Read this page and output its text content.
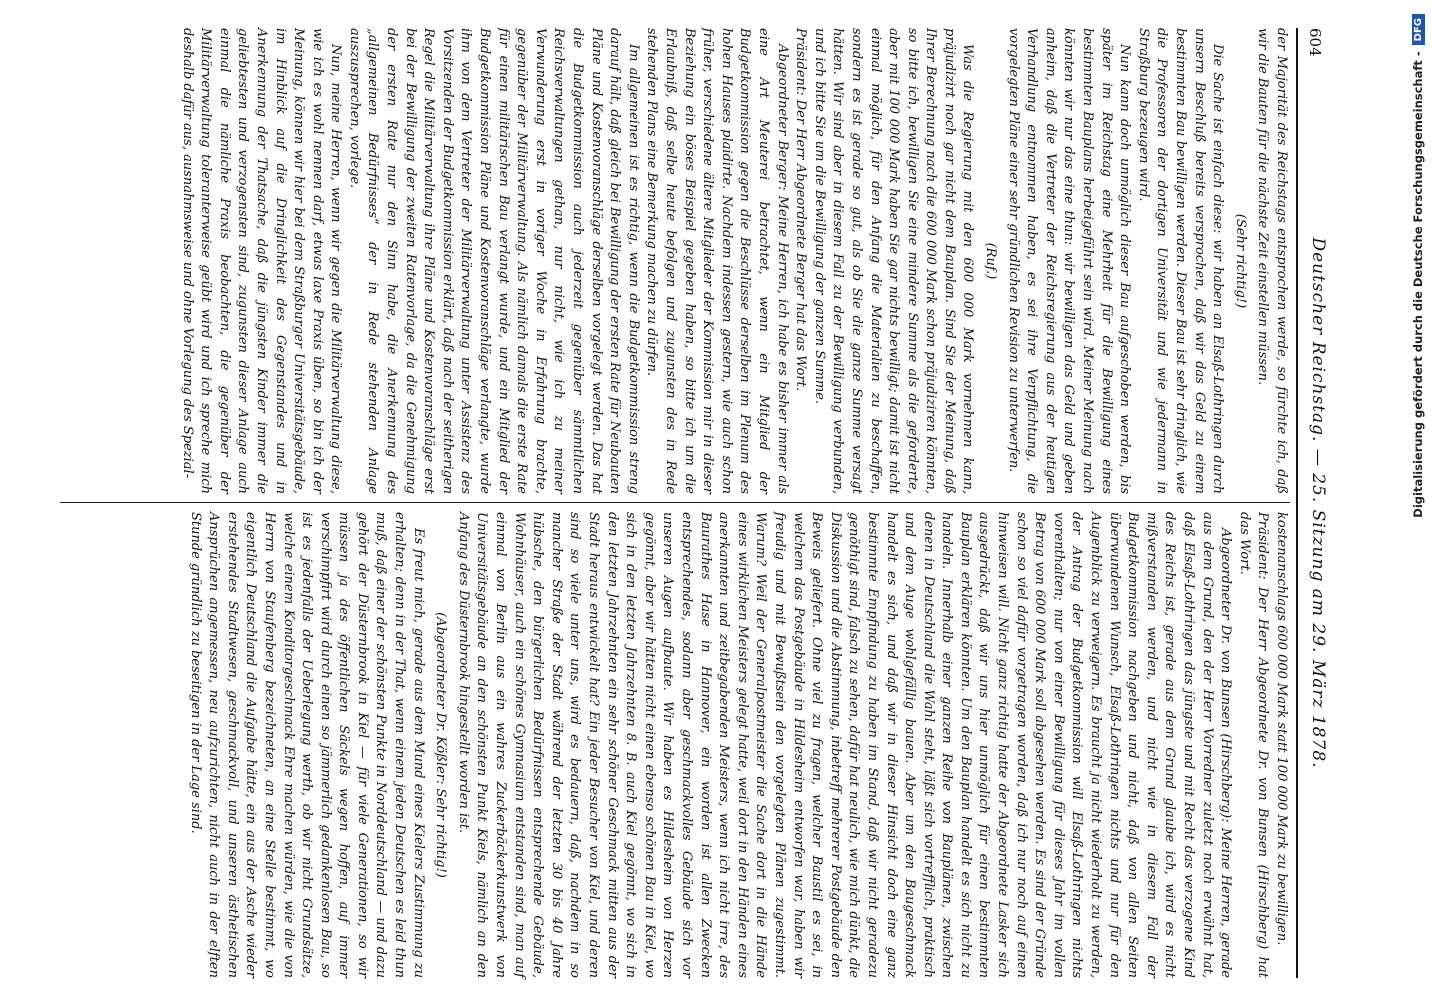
604
Deutscher Reichstag. — 25. Sitzung am 29. März 1878.

der Majorität des Reichstags entsprochen werde, so fürchte ich, daß wir die Bauten für die nächste Zeit einstellen müssen.

(Sehr richtig!)

Die Sache ist einfach diese: wir haben an Elsaß-Lothringen durch unsern Beschluß bereits versprochen, daß wir das Geld zu einem bestimmten Bau bewilligen werden. Dieser Bau ist sehr dringlich, wie die Professoren der dortigen Universität und wie jedermann in Straßburg bezeugen wird.

Nun kann doch unmöglich dieser Bau aufgeschoben werden, bis später im Reichstag eine Mehrheit für die Bewilligung eines bestimmten Bauplans herbeigeführt sein wird. Meiner Meinung nach könnten wir nur das eine thun: wir bewilligen das Geld und geben anheim, daß die Vertreter der Reichsregierung aus der heutigen Verhandlung entnommen haben, es sei ihre Verpflichtung, die vorgelegten Pläne einer sehr gründlichen Revision zu unterwerfen.

(Ruf.)

Was die Regierung mit den 600 000 Mark vornehmen kann, präjudizirt noch gar nicht dem Bauplan. Sind Sie der Meinung, daß Ihrer Berechnung nach die 600 000 Mark schon präjudiziren könnten, so bitte ich, bewilligen Sie eine mindere Summe als die geforderte, aber mit 100 000 Mark haben Sie gar nichts bewilligt; damit ist nicht einmal möglich, für den Anfang die Materialien zu beschaffen, sondern es ist gerade so gut, als ob Sie die ganze Summe versagt hätten. Wir sind aber in diesem Fall zu der Bewilligung verbunden, und ich bitte Sie um die Bewilligung der ganzen Summe.

Präsident: Der Herr Abgeordnete Berger hat das Wort.

Abgeordneter Berger: Meine Herren, ich habe es bisher immer als eine Art Meuterei betrachtet, wenn ein Mitglied der Budgetkommission gegen die Beschlüsse derselben im Plenum des hohen Hauses plaidirte. Nachdem indessen gestern, wie auch schon früher, verschiedene ältere Mitglieder der Kommission mir in dieser Beziehung ein böses Beispiel gegeben haben, so bitte ich um die Erlaubniß, daß selbe heute befolgen und zugunsten des in Rede stehenden Plans eine Bemerkung machen zu dürfen.

Im allgemeinen ist es richtig, wenn die Budgetkommission streng darauf hält, daß gleich bei Bewilligung der ersten Rate für Neubauten Pläne und Kostenvoranschläge derselben vorgelegt werden. Das hat die Budgetkommission auch jederzeit gegenüber sämmtlichen Reichsverwaltungen gethan, nur nicht, wie ich zu meiner Verwunderung erst in voriger Woche in Erfahrung brachte, gegenüber der Militärverwaltung. Als nämlich damals die erste Rate für einen militärischen Bau verlangt wurde, und ein Mitglied der Budgetkommission Pläne und Kostenvoranschläge verlangte, wurde ihm von dem Vertreter der Militärverwaltung unter Assistenz des Vorsitzenden der Budgetkommission erklärt, daß nach der seitherigen Regel die Militärverwaltung ihre Pläne und Kostenvoranschläge erst bei der Bewilligung der zweiten Ratenvorlage, da die Genehmigung der ersten Rate nur den Sinn habe, die Anerkennung des „allgemeinen Bedürfnisses“ der in Rede stehenden Anlage auszusprechen, vorlege.

Nun, meine Herren, wenn wir gegen die Militärverwaltung diese, wie ich es wohl nennen darf, etwas laxe Praxis üben, so bin ich der Meinung, können wir hier bei dem Straßburger Universitätsgebäude, im Hinblick auf die Dringlichkeit des Gegenstandes und in Anerkennung der Thatsache, daß die jüngsten Kinder immer die geliebtesten und verzogensten sind, zugunsten dieser Anlage auch einmal die nämliche Praxis beobachten, die gegenüber der Militärverwaltung toleranterweise geübt wird und ich spreche mich deshalb dafür aus, ausnahmsweise und ohne Vorlegung des Spezial-

kostenanschlags 600 000 Mark statt 100 000 Mark zu bewilligen.

Präsident: Der Herr Abgeordnete Dr. von Bunsen (Hirschberg) hat das Wort.

Abgeordneter Dr. von Bunsen (Hirschberg): Meine Herren, gerade aus dem Grund, den der Herr Vorredner zuletzt noch erwähnt hat, daß Elsaß-Lothringen das jüngste und mit Recht das verzogene Kind des Reichs ist, gerade aus dem Grund glaube ich, wird es nicht mißverstanden werden, und nicht wie in diesem Fall der Budgetkommission nachgeben und nicht, daß von allen Seiten überwundenen Wunsch, Elsaß-Lothringen nichts und nur für den Augenblick zu verweigern. Es braucht ja nicht wiederholt zu werden, der Antrag der Budgetkommission will Elsaß-Lothringen nichts vorenthalten; nur von einer Bewilligung für dieses Jahr im vollen Betrag von 600 000 Mark soll abgesehen werden. Es sind der Gründe schon so viel dafür vorgetragen worden, daß ich nur noch auf einen hinweisen will. Nicht ganz richtig hatte der Abgeordnete Lasker sich ausgedrückt, daß wir uns hier unmöglich für einen bestimmten Bauplan erklären könnten. Um den Bauplan handelt es sich nicht zu handeln. Innerhalb einer ganzen Reihe von Bauplänen, zwischen denen in Deutschland die Wahl steht, läßt sich vortrefflich, praktisch und dem Auge wohlgefällig bauen. Aber um den Baugeschmack handelt es sich, und daß wir in dieser Hinsicht doch eine ganz bestimmte Empfindung zu haben im Stand, daß wir nicht geradezu genöthigt sind, falsch zu sehen, dafür hat neulich, wie mich dünkt, die Diskussion und die Abstimmung, inbetreff mehrerer Postgebäude den Beweis geliefert. Ohne viel zu fragen, welcher Baustil es sei, in welchem das Postgebäude in Hildesheim entworfen war, haben wir freudig und mit Bewußtsein den vorgelegten Plänen zugestimmt. Warum? Weil der Generalpostmeister die Sache dort in die Hände eines wirklichen Meisters gelegt hatte, weil dort in den Händen eines anerkannten und zeitbegabenden Meisters, wenn ich nicht irre, des Baurathes Hase in Hannover, ein worden ist allen Zwecken entsprechendes, sodann aber geschmackvolles Gebäude sich vor unseren Augen aufbaute. Wir haben es Hildesheim von Herzen gegönnt, aber wir hätten nicht einen ebenso schönen Bau in Kiel, wo sich in den letzten Jahrzehnten 8. B. auch Kiel gegönnt, wo sich in den letzten Jahrzehnten ein sehr schöner Geschmack mitten aus der Stadt heraus entwickelt hat? Ein jeder Besucher von Kiel, und deren sind so viele unter uns, wird es bedauern, daß, nachdem in so mancher Straße der Stadt während der letzten 30 bis 40 Jahre hübsche, den bürgerlichen Bedürfnissen entsprechende Gebäude, Wohnhäuser, auch ein schönes Gymnasium entstanden sind, man auf einmal von Berlin aus ein wahres Zuckerbäckerkunstwerk von Universitätsgebäude an den schönsten Punkt Kiels, nämlich an den Anfang des Düsternbrook hingestellt worden ist.

(Abgeordneter Dr. Kößler: Sehr richtig!)

Es freut mich, gerade aus dem Mund eines Kielers Zustimmung zu erhalten; denn in der That, wenn einem jeden Deutschen es leid thun muß, daß einer der schönsten Punkte in Norddeutschland — und dazu gehört der Düsternbrook in Kiel — für viele Generationen, so wir müssen ja des öffentlichen Säckels wegen hoffen, auf immer verschimpfirt wird durch einen so jämmerlich gedankenlosen Bau, so ist es jedenfalls der Ueberlegung werth, ob wir nicht Grundsätze, welche einem Konditorgeschmack Ehre machen würden, wie die von Herrn von Staufenberg bezeichneten, an eine Stelle bestimmt, wo eigentlich Deutschland die Aufgabe hätte, ein aus der Asche wieder erstehendes Stadtwesen, geschmackvoll, und unseren ästhetischen Ansprüchen angemessen, neu aufzurichten, nicht auch in der elften Stunde gründlich zu beseitigen in der Lage sind.

Digitalisierung gefördert durch die Deutsche Forschungsgemeinschaft -
DFG
